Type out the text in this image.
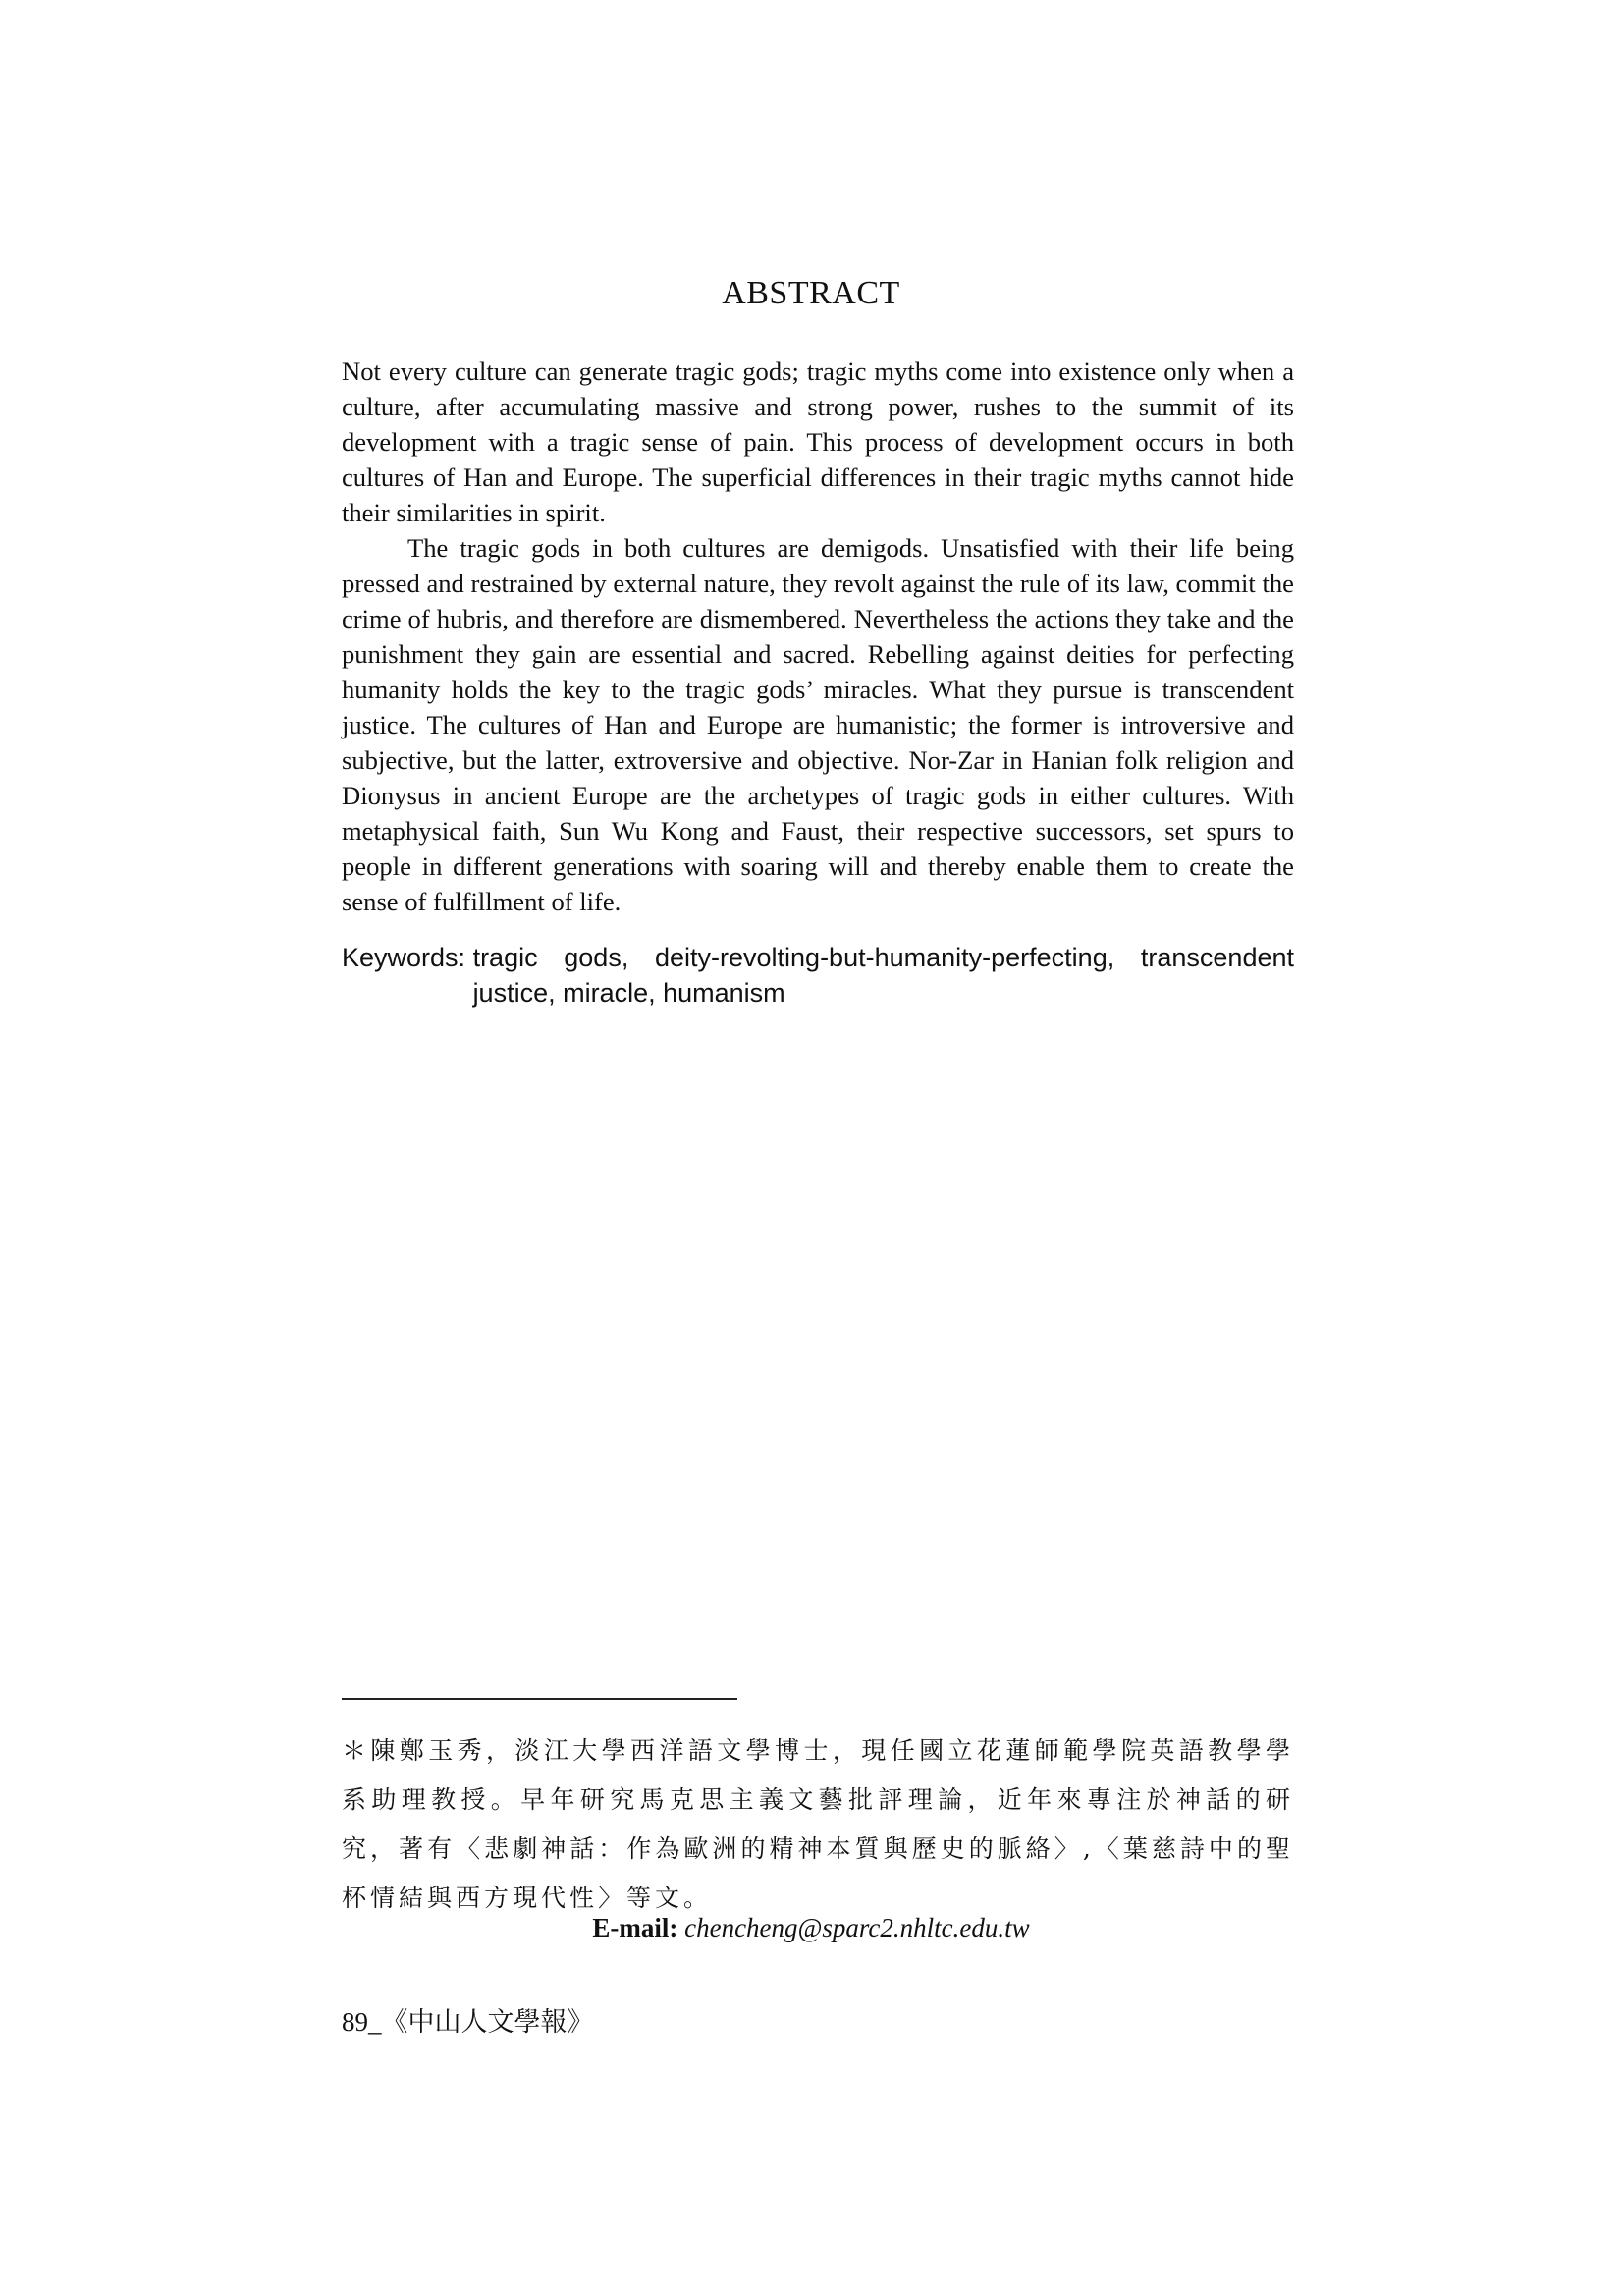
ABSTRACT

Not every culture can generate tragic gods; tragic myths come into existence only when a culture, after accumulating massive and strong power, rushes to the summit of its development with a tragic sense of pain. This process of development occurs in both cultures of Han and Europe. The superficial differences in their tragic myths cannot hide their similarities in spirit.

The tragic gods in both cultures are demigods. Unsatisfied with their life being pressed and restrained by external nature, they revolt against the rule of its law, commit the crime of hubris, and therefore are dismembered. Nevertheless the actions they take and the punishment they gain are essential and sacred. Rebelling against deities for perfecting humanity holds the key to the tragic gods’ miracles. What they pursue is transcendent justice. The cultures of Han and Europe are humanistic; the former is introversive and subjective, but the latter, extroversive and objective. Nor-Zar in Hanian folk religion and Dionysus in ancient Europe are the archetypes of tragic gods in either cultures. With metaphysical faith, Sun Wu Kong and Faust, their respective successors, set spurs to people in different generations with soaring will and thereby enable them to create the sense of fulfillment of life.

Keywords: tragic gods, deity-revolting-but-humanity-perfecting, transcendent justice, miracle, humanism
＊陳鄭玉秀，淡江大學西洋語文學博士，現任國立花蓮師範學院英語教學學系助理教授。早年研究馬克思主義文藝批評理論，近年來專注於神話的研究，著有〈悲劇神話：作為歐洲的精神本質與歷史的脈絡〉,〈葉慈詩中的聖杯情結與西方現代性〉等文。
E-mail: chencheng@sparc2.nhltc.edu.tw
89_《中山人文學報》
